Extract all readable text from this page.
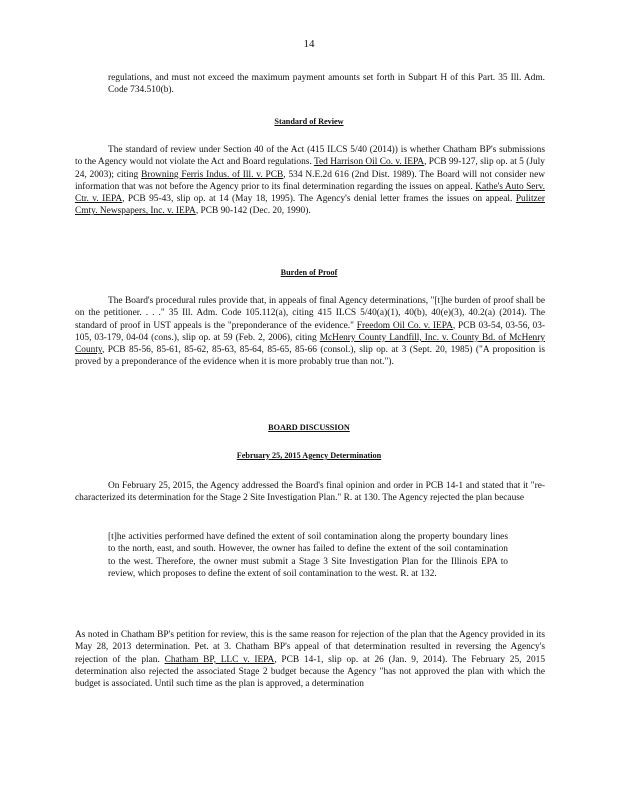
14

regulations, and must not exceed the maximum payment amounts set forth in Subpart H of this Part. 35 Ill. Adm. Code 734.510(b).

Standard of Review

The standard of review under Section 40 of the Act (415 ILCS 5/40 (2014)) is whether Chatham BP's submissions to the Agency would not violate the Act and Board regulations. Ted Harrison Oil Co. v. IEPA, PCB 99-127, slip op. at 5 (July 24, 2003); citing Browning Ferris Indus. of Ill. v. PCB, 534 N.E.2d 616 (2nd Dist. 1989). The Board will not consider new information that was not before the Agency prior to its final determination regarding the issues on appeal. Kathe's Auto Serv. Ctr. v. IEPA, PCB 95-43, slip op. at 14 (May 18, 1995). The Agency's denial letter frames the issues on appeal. Pulitzer Cmty. Newspapers, Inc. v. IEPA, PCB 90-142 (Dec. 20, 1990).

Burden of Proof

The Board's procedural rules provide that, in appeals of final Agency determinations, "[t]he burden of proof shall be on the petitioner. . . ." 35 Ill. Adm. Code 105.112(a), citing 415 ILCS 5/40(a)(1), 40(b), 40(e)(3), 40.2(a) (2014). The standard of proof in UST appeals is the "preponderance of the evidence." Freedom Oil Co. v. IEPA, PCB 03-54, 03-56, 03-105, 03-179, 04-04 (cons.), slip op. at 59 (Feb. 2, 2006), citing McHenry County Landfill, Inc. v. County Bd. of McHenry County, PCB 85-56, 85-61, 85-62, 85-63, 85-64, 85-65, 85-66 (consol.), slip op. at 3 (Sept. 20, 1985) ("A proposition is proved by a preponderance of the evidence when it is more probably true than not.").

BOARD DISCUSSION
February 25, 2015 Agency Determination

On February 25, 2015, the Agency addressed the Board's final opinion and order in PCB 14-1 and stated that it "re-characterized its determination for the Stage 2 Site Investigation Plan." R. at 130. The Agency rejected the plan because

[t]he activities performed have defined the extent of soil contamination along the property boundary lines to the north, east, and south. However, the owner has failed to define the extent of the soil contamination to the west. Therefore, the owner must submit a Stage 3 Site Investigation Plan for the Illinois EPA to review, which proposes to define the extent of soil contamination to the west. R. at 132.

As noted in Chatham BP's petition for review, this is the same reason for rejection of the plan that the Agency provided in its May 28, 2013 determination. Pet. at 3. Chatham BP's appeal of that determination resulted in reversing the Agency's rejection of the plan. Chatham BP, LLC v. IEPA, PCB 14-1, slip op. at 26 (Jan. 9, 2014). The February 25, 2015 determination also rejected the associated Stage 2 budget because the Agency "has not approved the plan with which the budget is associated. Until such time as the plan is approved, a determination
